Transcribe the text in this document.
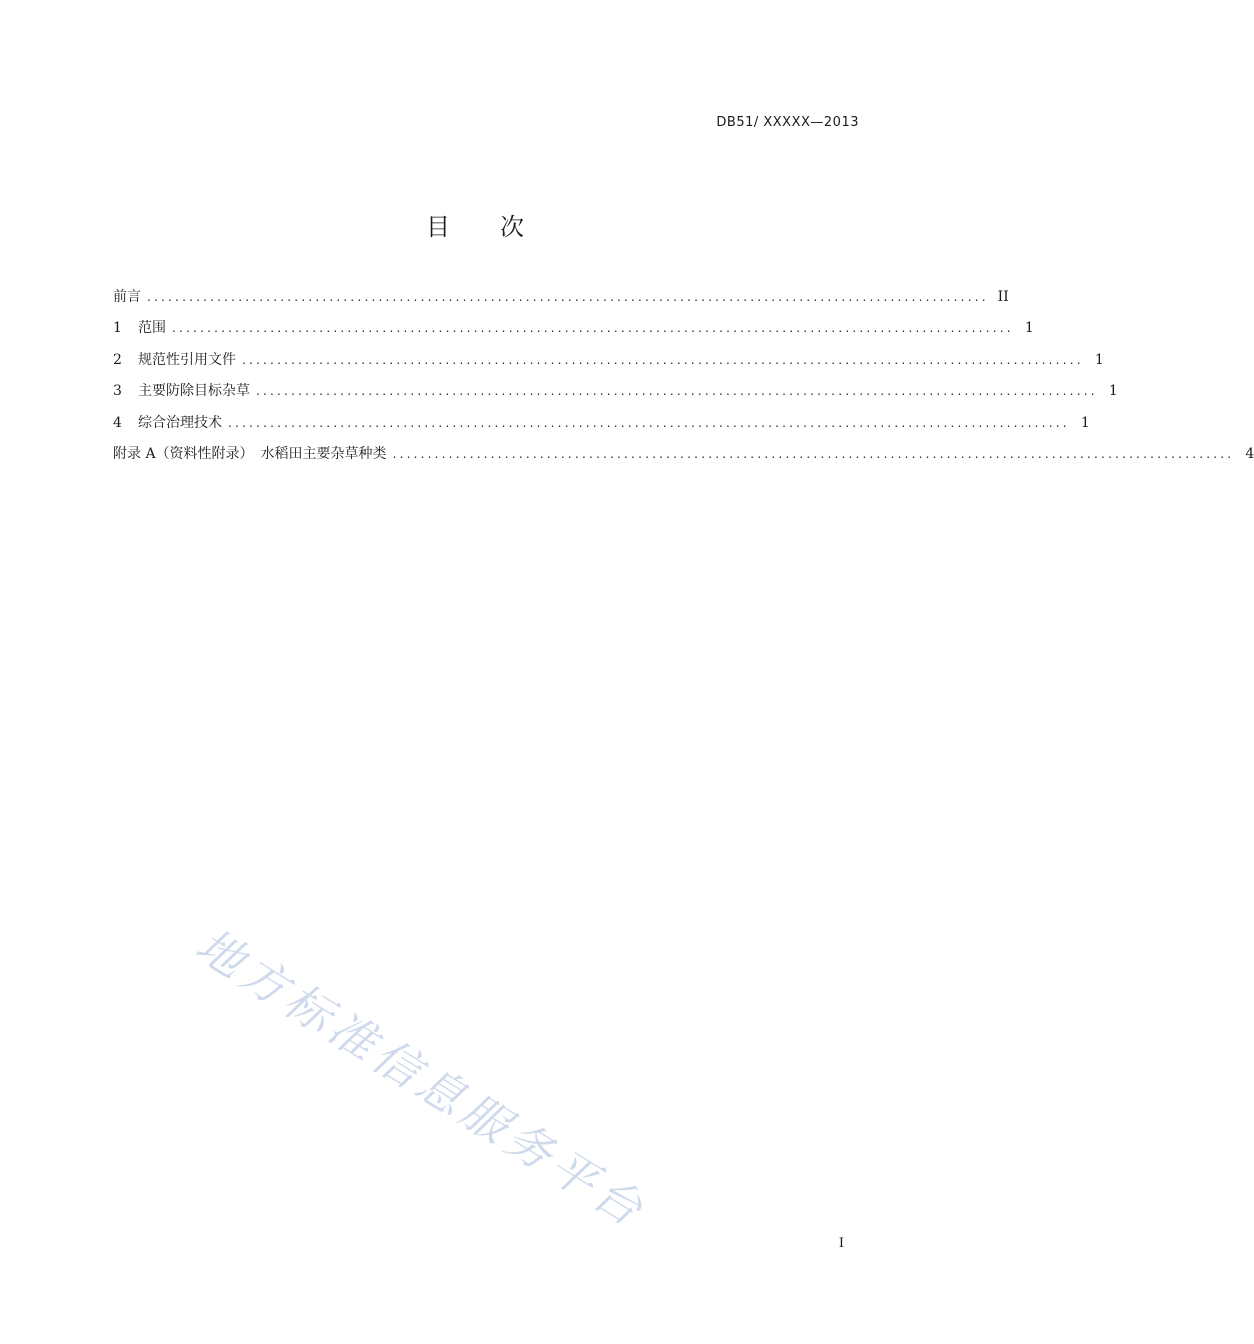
DB51/ XXXXX—2013
目次
前言 ........................................................................................................................ II
1 范围 ........................................................................................................................ 1
2 规范性引用文件 ........................................................................................................................ 1
3 主要防除目标杂草 ........................................................................................................................ 1
4 综合治理技术 ........................................................................................................................ 1
附录 A（资料性附录）　水稻田主要杂草种类 ........................................................................................................................ 4
地方标准信息服务平台
I
